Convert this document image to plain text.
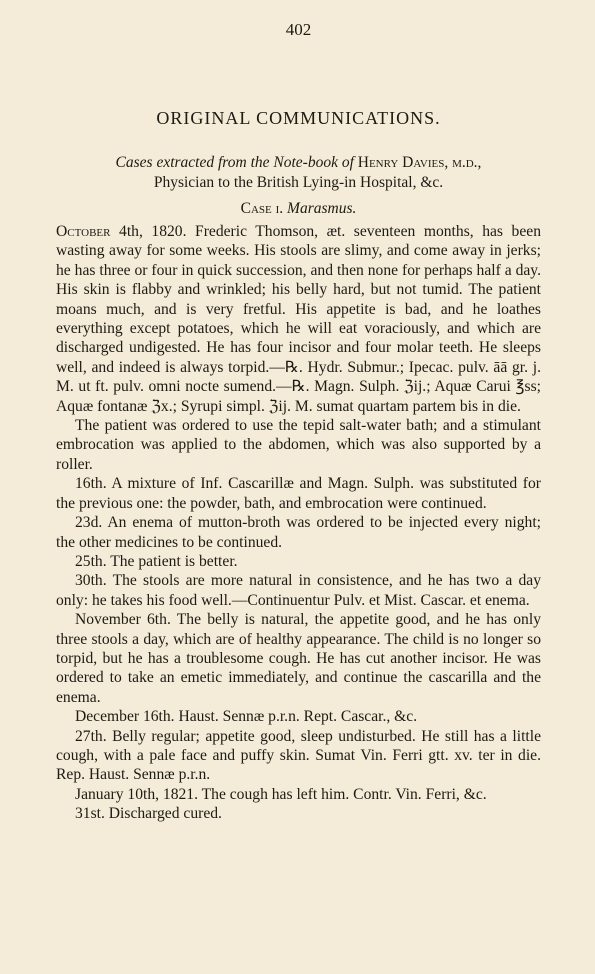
402
ORIGINAL COMMUNICATIONS.

Cases extracted from the Note-book of Henry Davies, m.d.,
Physician to the British Lying-in Hospital, &c.

Case i. Marasmus.

October 4th, 1820. Frederic Thomson, æt. seventeen months, has been wasting away for some weeks. His stools are slimy, and come away in jerks; he has three or four in quick succession, and then none for perhaps half a day. His skin is flabby and wrinkled; his belly hard, but not tumid. The patient moans much, and is very fretful. His appetite is bad, and he loathes everything except potatoes, which he will eat voraciously, and which are discharged undigested. He has four incisor and four molar teeth. He sleeps well, and indeed is always torpid.—℞. Hydr. Submur.; Ipecac. pulv. āā gr. j. M. ut ft. pulv. omni nocte sumend.—℞. Magn. Sulph. ℨij.; Aquæ Carui ℥ss; Aquæ fontanæ ℨx.; Syrupi simpl. ℨij. M. sumat quartam partem bis in die.

The patient was ordered to use the tepid salt-water bath; and a stimulant embrocation was applied to the abdomen, which was also supported by a roller.

16th. A mixture of Inf. Cascarillæ and Magn. Sulph. was substituted for the previous one: the powder, bath, and embrocation were continued.

23d. An enema of mutton-broth was ordered to be injected every night; the other medicines to be continued.

25th. The patient is better.

30th. The stools are more natural in consistence, and he has two a day only: he takes his food well.—Continuentur Pulv. et Mist. Cascar. et enema.

November 6th. The belly is natural, the appetite good, and he has only three stools a day, which are of healthy appearance. The child is no longer so torpid, but he has a troublesome cough. He has cut another incisor. He was ordered to take an emetic immediately, and continue the cascarilla and the enema.

December 16th. Haust. Sennæ p.r.n. Rept. Cascar., &c.

27th. Belly regular; appetite good, sleep undisturbed. He still has a little cough, with a pale face and puffy skin. Sumat Vin. Ferri gtt. xv. ter in die. Rep. Haust. Sennæ p.r.n.

January 10th, 1821. The cough has left him. Contr. Vin. Ferri, &c.

31st. Discharged cured.
